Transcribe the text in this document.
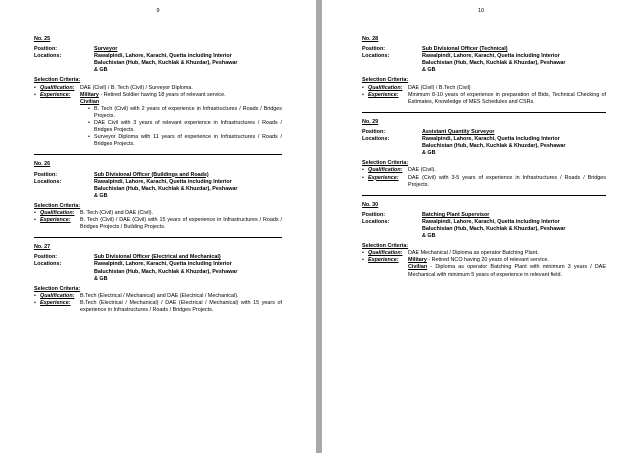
9
No. 25
Position:	Surveyor
Locations:	Rawalpindi, Lahore, Karachi, Quetta including Interior
Baluchistan (Hub, Mach, Kuchlak & Khuzdar), Peshawar
& GB
Selection Criteria:
• Qualification:	DAE (Civil) / B. Tech (Civil) / Surveyor Diploma.
• Experience:	Military - Retired Soldier having 18 years of relevant service.
Civilian
• B. Tech (Civil) with 2 years of experience in Infrastructures / Roads / Bridges Projects.
• DAE Civil with 3 years of relevant experience in Infrastructures / Roads / Bridges Projects.
• Surveyor Diploma with 11 years of experience in Infrastructures / Roads / Bridges Projects.
No. 26
Position:	Sub Divisional Officer (Buildings and Roads)
Locations:	Rawalpindi, Lahore, Karachi, Quetta including Interior
Baluchistan (Hub, Mach, Kuchlak & Khuzdar), Peshawar
& GB
Selection Criteria:
• Qualification:	B. Tech (Civil) and DAE (Civil).
• Experience:	B. Tech (Civil) / DAE (Civil) with 15 years of experience in Infrastructures / Roads / Bridges Projects / Building Projects.
No. 27
Position:	Sub Divisional Officer (Electrical and Mechanical)
Locations:	Rawalpindi, Lahore, Karachi, Quetta including Interior
Baluchistan (Hub, Mach, Kuchlak & Khuzdar), Peshawar
& GB
Selection Criteria:
• Qualification:	B.Tech (Electrical / Mechanical) and DAE (Electrical / Mechanical).
• Experience:	B.Tech (Electrical / Mechanical) / DAE (Electrical / Mechanical) with 15 years of experience in Infrastructures / Roads / Bridges Projects.
10
No. 28
Position:	Sub Divisional Officer (Technical)
Locations:	Rawalpindi, Lahore, Karachi, Quetta including Interior
Baluchistan (Hub, Mach, Kuchlak & Khuzdar), Peshawar
& GB
Selection Criteria:
• Qualification:	DAE (Civil) / B.Tech (Civil)
• Experience:	Minimum 8-10 years of experience in preparation of Bids, Technical Checking of Estimates, Knowledge of MES Schedules and CSRs.
No. 29
Position:	Assistant Quantity Surveyor
Locations:	Rawalpindi, Lahore, Karachi, Quetta including Interior
Baluchistan (Hub, Mach, Kuchlak & Khuzdar), Peshawar
& GB
Selection Criteria:
• Qualification:	DAE (Civil).
• Experience:	DAE (Civil) with 3-5 years of experience in Infrastructures / Roads / Bridges Projects.
No. 30
Position:	Batching Plant Supervisor
Locations:	Rawalpindi, Lahore, Karachi, Quetta including Interior
Baluchistan (Hub, Mach, Kuchlak & Khuzdar), Peshawar
& GB
Selection Criteria:
• Qualification:	DAE Mechanical / Diploma as operator Batching Plant.
• Experience:	Military - Retired NCO having 20 years of relevant service.
Civilian - Diploma as operator Batching Plant with minimum 3 years / DAE Mechanical with minimum 5 years of experience in relevant field.
